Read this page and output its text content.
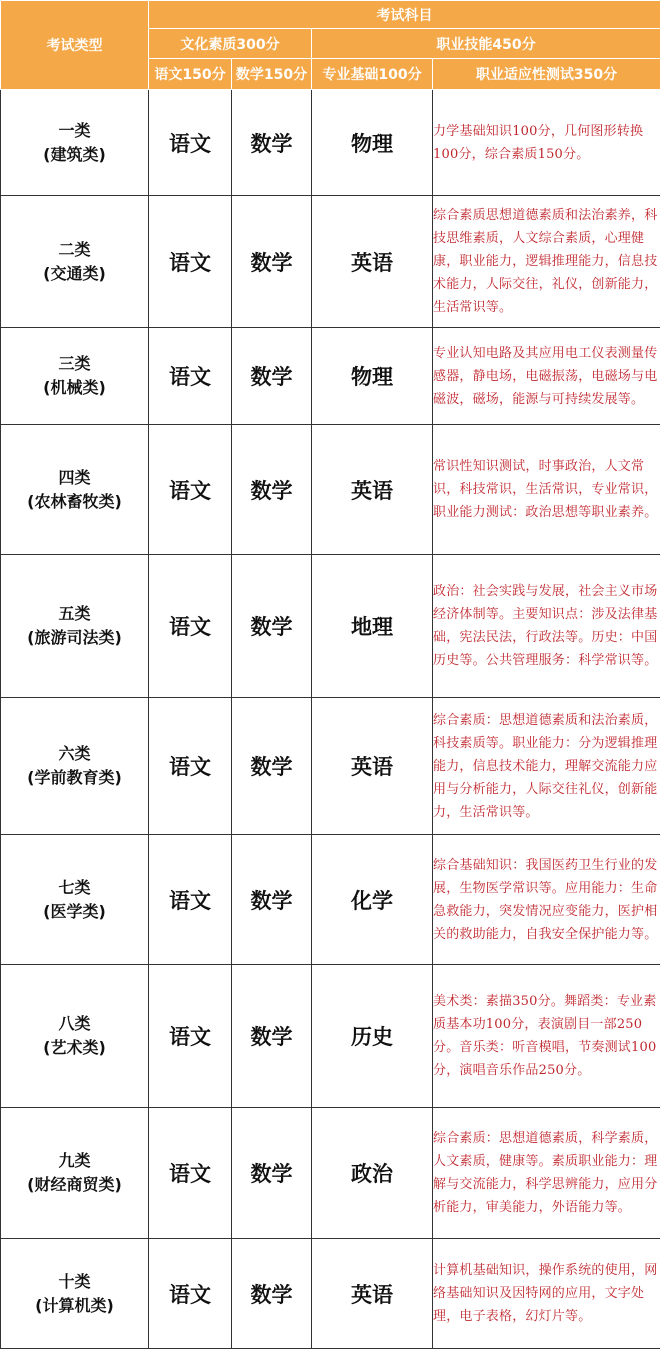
考试类型	考试科目			
	文化素质300分		职业技能450分	
	语文150分	数学150分	专业基础100分	职业适应性测试350分

一类
(建筑类)	语文	数学	物理	力学基础知识100分，几何图形转换100分，综合素质150分。

二类
(交通类)	语文	数学	英语	综合素质思想道德素质和法治素养，科技思维素质，人文综合素质，心理健康，职业能力，逻辑推理能力，信息技术能力，人际交往，礼仪，创新能力，生活常识等。

三类
(机械类)	语文	数学	物理	专业认知电路及其应用电工仪表测量传感器，静电场，电磁振荡，电磁场与电磁波，磁场，能源与可持续发展等。

四类
(农林畜牧类)	语文	数学	英语	常识性知识测试，时事政治，人文常识，科技常识，生活常识，专业常识，职业能力测试：政治思想等职业素养。

五类
(旅游司法类)	语文	数学	地理	政治：社会实践与发展，社会主义市场经济体制等。主要知识点：涉及法律基础，宪法民法，行政法等。历史：中国历史等。公共管理服务：科学常识等。

六类
(学前教育类)	语文	数学	英语	综合素质：思想道德素质和法治素质，科技素质等。职业能力：分为逻辑推理能力，信息技术能力，理解交流能力应用与分析能力，人际交往礼仪，创新能力，生活常识等。

七类
(医学类)	语文	数学	化学	综合基础知识：我国医药卫生行业的发展，生物医学常识等。应用能力：生命急救能力，突发情况应变能力，医护相关的救助能力，自我安全保护能力等。

八类
(艺术类)	语文	数学	历史	美术类：素描350分。舞蹈类：专业素质基本功100分，表演剧目一部250分。音乐类：听音模唱，节奏测试100分，演唱音乐作品250分。

九类
(财经商贸类)	语文	数学	政治	综合素质：思想道德素质，科学素质，人文素质，健康等。素质职业能力：理解与交流能力，科学思辨能力，应用分析能力，审美能力，外语能力等。

十类
(计算机类)	语文	数学	英语	计算机基础知识，操作系统的使用，网络基础知识及因特网的应用，文字处理，电子表格，幻灯片等。
